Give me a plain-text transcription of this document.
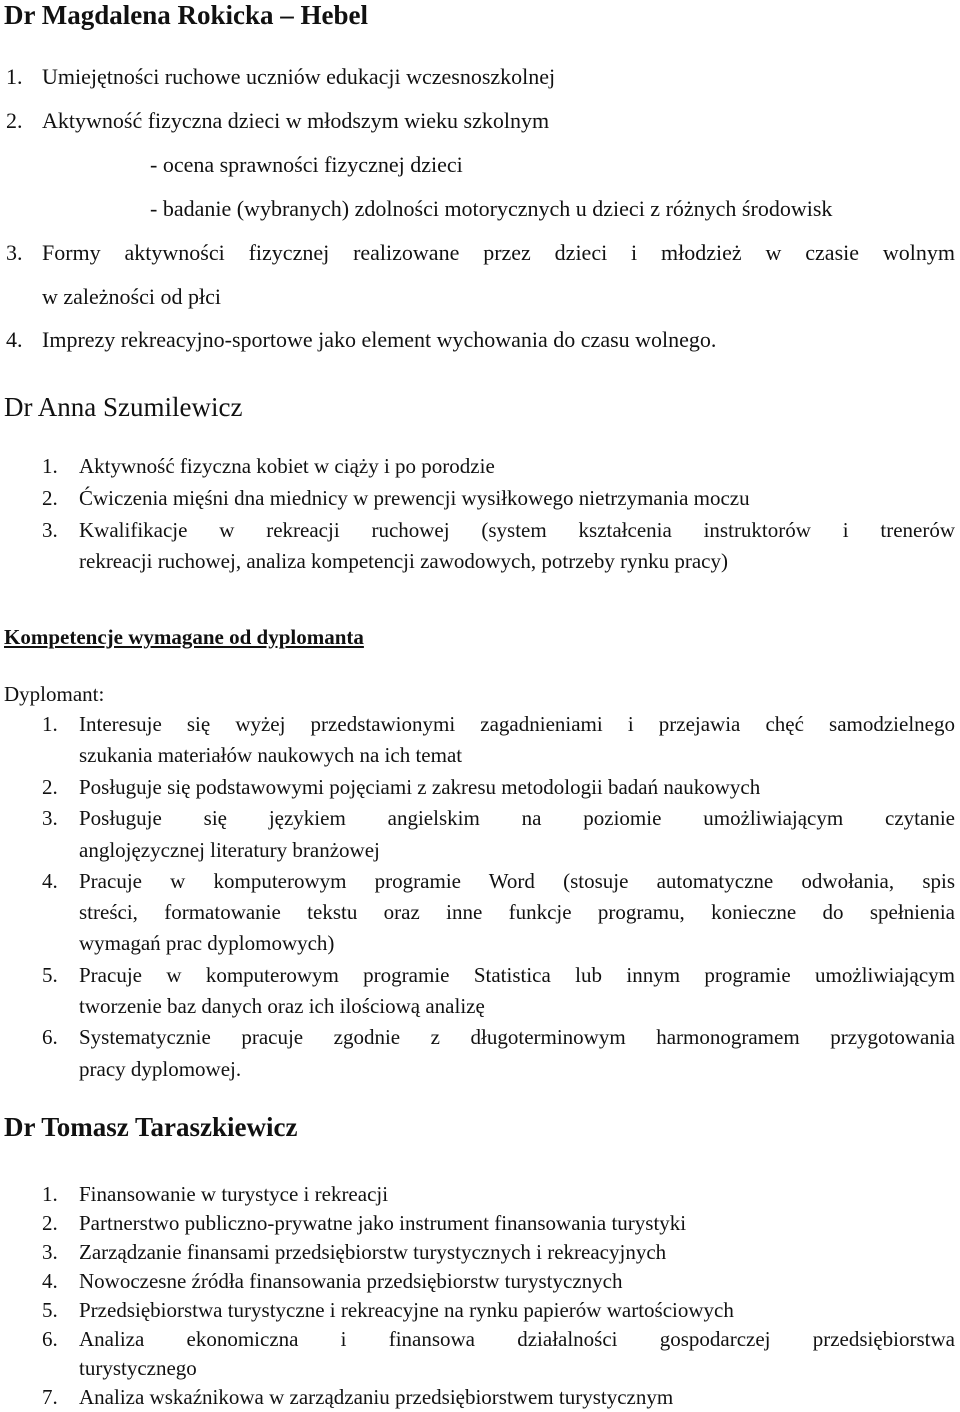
Dr Magdalena Rokicka – Hebel
1. Umiejętności ruchowe uczniów edukacji wczesnoszkolnej
2. Aktywność fizyczna dzieci w młodszym wieku szkolnym
- ocena sprawności fizycznej dzieci
- badanie (wybranych) zdolności motorycznych u dzieci z różnych środowisk
3. Formy aktywności fizycznej realizowane przez dzieci i młodzież w czasie wolnym
w zależności od płci
4. Imprezy rekreacyjno-sportowe jako element wychowania do czasu wolnego.
Dr Anna Szumilewicz
1. Aktywność fizyczna kobiet w ciąży i po porodzie
2. Ćwiczenia mięśni dna miednicy w prewencji wysiłkowego nietrzymania moczu
3. Kwalifikacje w rekreacji ruchowej (system kształcenia instruktorów i trenerów
rekreacji ruchowej, analiza kompetencji zawodowych, potrzeby rynku pracy)
Kompetencje wymagane od dyplomanta
Dyplomant:
1. Interesuje się wyżej przedstawionymi zagadnieniami i przejawia chęć samodzielnego
szukania materiałów naukowych na ich temat
2. Posługuje się podstawowymi pojęciami z zakresu metodologii badań naukowych
3. Posługuje się językiem angielskim na poziomie umożliwiającym czytanie
anglojęzycznej literatury branżowej
4. Pracuje w komputerowym programie Word (stosuje automatyczne odwołania, spis
streści, formatowanie tekstu oraz inne funkcje programu, konieczne do spełnienia
wymagań prac dyplomowych)
5. Pracuje w komputerowym programie Statistica lub innym programie umożliwiającym
tworzenie baz danych oraz ich ilościową analizę
6. Systematycznie pracuje zgodnie z długoterminowym harmonogramem przygotowania
pracy dyplomowej.
Dr Tomasz Taraszkiewicz
1. Finansowanie w turystyce i rekreacji
2. Partnerstwo publiczno-prywatne jako instrument finansowania turystyki
3. Zarządzanie finansami przedsiębiorstw turystycznych i rekreacyjnych
4. Nowoczesne źródła finansowania przedsiębiorstw turystycznych
5. Przedsiębiorstwa turystyczne i rekreacyjne na rynku papierów wartościowych
6. Analiza ekonomiczna i finansowa działalności gospodarczej przedsiębiorstwa
turystycznego
7. Analiza wskaźnikowa w zarządzaniu przedsiębiorstwem turystycznym
